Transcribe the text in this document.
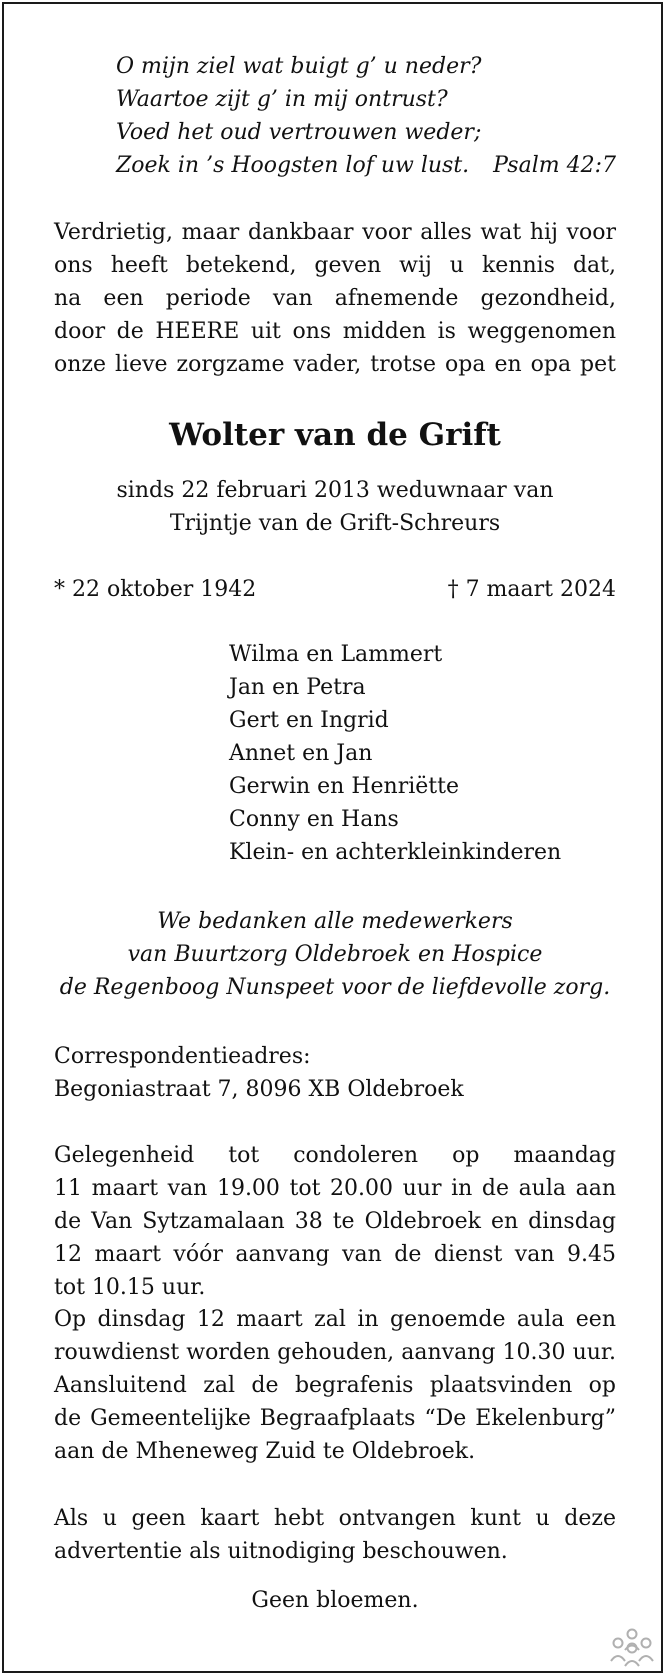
O mijn ziel wat buigt g’ u neder?
Waartoe zijt g’ in mij ontrust?
Voed het oud vertrouwen weder;
Zoek in ’s Hoogsten lof uw lust. Psalm 42:7
Verdrietig, maar dankbaar voor alles wat hij voor
ons heeft betekend, geven wij u kennis dat,
na een periode van afnemende gezondheid,
door de HEERE uit ons midden is weggenomen
onze lieve zorgzame vader, trotse opa en opa pet
Wolter van de Grift
sinds 22 februari 2013 weduwnaar van
Trijntje van de Grift-Schreurs
* 22 oktober 1942	† 7 maart 2024
Wilma en Lammert
Jan en Petra
Gert en Ingrid
Annet en Jan
Gerwin en Henriëtte
Conny en Hans
Klein- en achterkleinkinderen
We bedanken alle medewerkers
van Buurtzorg Oldebroek en Hospice
de Regenboog Nunspeet voor de liefdevolle zorg.
Correspondentieadres:
Begoniastraat 7, 8096 XB Oldebroek
Gelegenheid tot condoleren op maandag
11 maart van 19.00 tot 20.00 uur in de aula aan
de Van Sytzamalaan 38 te Oldebroek en dinsdag
12 maart vóór aanvang van de dienst van 9.45
tot 10.15 uur.
Op dinsdag 12 maart zal in genoemde aula een
rouwdienst worden gehouden, aanvang 10.30 uur.
Aansluitend zal de begrafenis plaatsvinden op
de Gemeentelijke Begraafplaats “De Ekelenburg”
aan de Mheneweg Zuid te Oldebroek.
Als u geen kaart hebt ontvangen kunt u deze
advertentie als uitnodiging beschouwen.
Geen bloemen.
